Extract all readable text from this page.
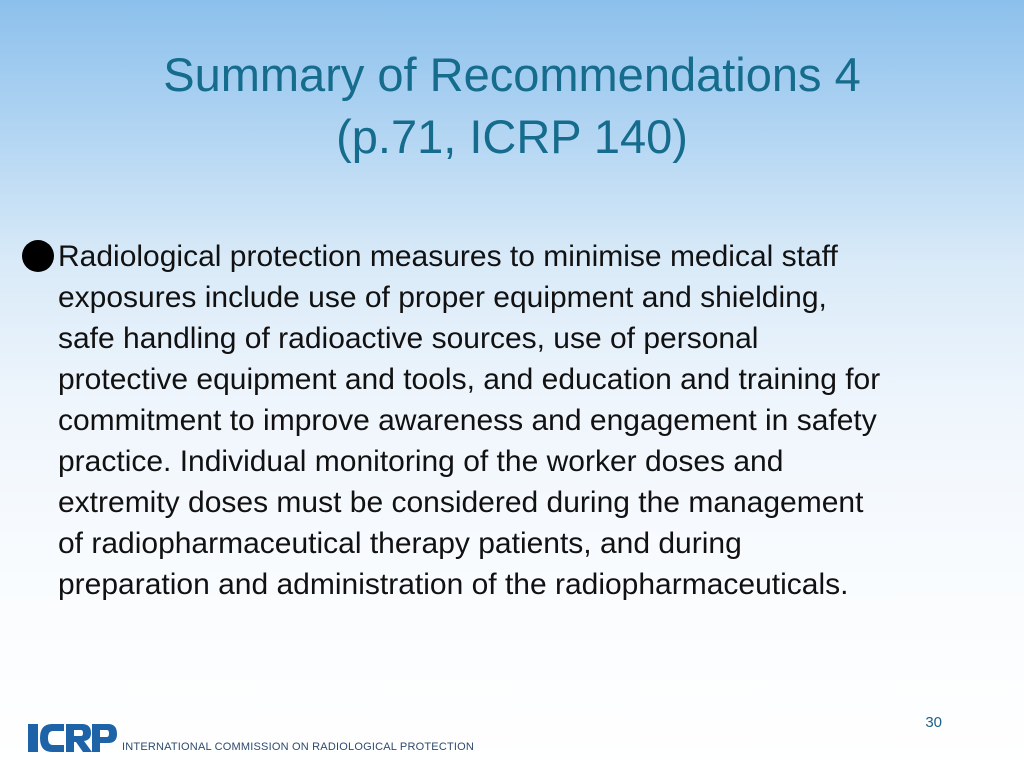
Summary of Recommendations 4
(p.71, ICRP 140)
Radiological protection measures to minimise medical staff
exposures include use of proper equipment and shielding,
safe handling of radioactive sources, use of personal
protective equipment and tools, and education and training for
commitment to improve awareness and engagement in safety
practice. Individual monitoring of the worker doses and
extremity doses must be considered during the management
of radiopharmaceutical therapy patients, and during
preparation and administration of the radiopharmaceuticals.
30
INTERNATIONAL COMMISSION ON RADIOLOGICAL PROTECTION
